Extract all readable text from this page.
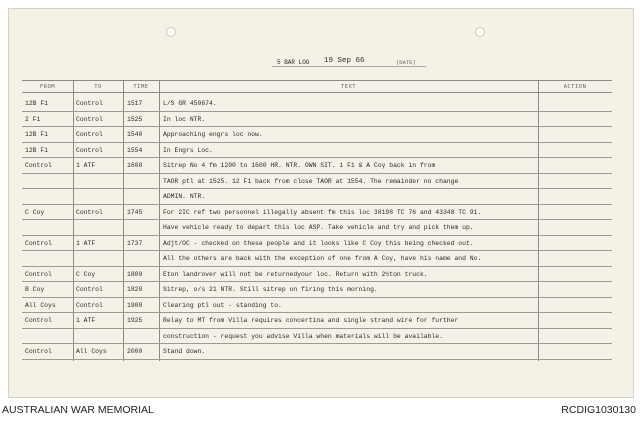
5 BAR LOG 19 Sep 66	(DATE)
FROM	TO	TIME	TEXT	ACTION
12B F1	Control	1517	L/S GR 450674.
2 F1	Control	1525	In loc NTR.
12B F1	Control	1540	Approaching engrs loc now.
12B F1	Control	1554	In Engrs Loc.
Control	1 ATF	1600	Sitrep No 4 fm 1200 to 1600 HR. NTR. OWN SIT. 1 F1 & A Coy back in from
TAOR ptl at 1525. 12 F1 back from close TAOR at 1554. The remainder no change
ADMIN. NTR.
C Coy	Control	1745	For 2IC ref two personnel illegally absent fm this loc 38198 TC 76 and 43348 TC 91.
Have vehicle ready to depart this loc ASP. Take vehicle and try and pick them up.
Control	1 ATF	1737	Adjt/OC - checked on these people and it looks like C Coy this being checked out.
All the others are back with the exception of one from A Coy, have his name and No.
Control	C Coy	1800	Eton landrover will not be returnedyour loc. Return with 2½ton truck.
B Coy	Control	1820	Sitrep, o/s 21 NTR. Still sitrep on firing this morning.
All Coys	Control	1900	Clearing ptl out - standing to.
Control	1 ATF	1925	Relay to MT from Villa requires concertina and single strand wire for further
construction - request you advise Villa when materials will be available.
Control	All Coys	2000	Stand down.
AUSTRALIAN WAR MEMORIAL	RCDIG1030130
